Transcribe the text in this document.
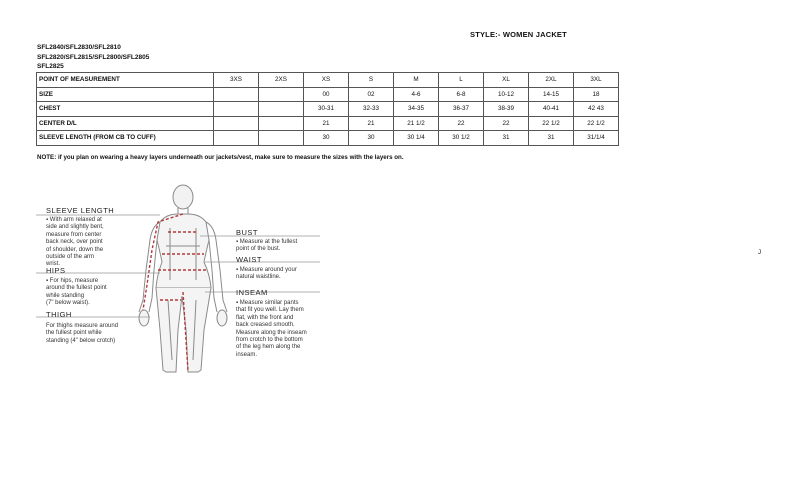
STYLE:- WOMEN JACKET
SFL2840/SFL2830/SFL2810
SFL2820/SFL2815/SFL2800/SFL2805
SFL2825
POINT OF MEASUREMENT	3XS	2XS	XS	S	M	L	XL	2XL	3XL
SIZE			00	02	4-6	6-8	10-12	14-15	18
CHEST			30-31	32-33	34-35	36-37	38-39	40-41	42 43
CENTER D/L			21	21	21 1/2	22	22	22 1/2	22 1/2
SLEEVE LENGTH (FROM CB TO CUFF)			30	30	30 1/4	30 1/2	31	31	31/1/4
NOTE: if you plan on wearing a heavy layers underneath our jackets/vest, make sure to measure the sizes with the layers on.
J
SLEEVE LENGTH
▪ With arm relaxed at
side and slightly bent,
measure from center
back neck, over point
of shoulder, down the
outside of the arm
wrist.
HIPS
▪ For hips, measure
around the fullest point
while standing
(7" below waist).
THIGH
For thighs measure around
the fullest point while
standing (4" below crotch)
BUST
▪ Measure at the fullest
point of the bust.
WAIST
▪ Measure around your
natural waistline.
INSEAM
▪ Measure similar pants
that fit you well. Lay them
flat, with the front and
back creased smooth.
Measure along the inseam
from crotch to the bottom
of the leg hem along the
inseam.
